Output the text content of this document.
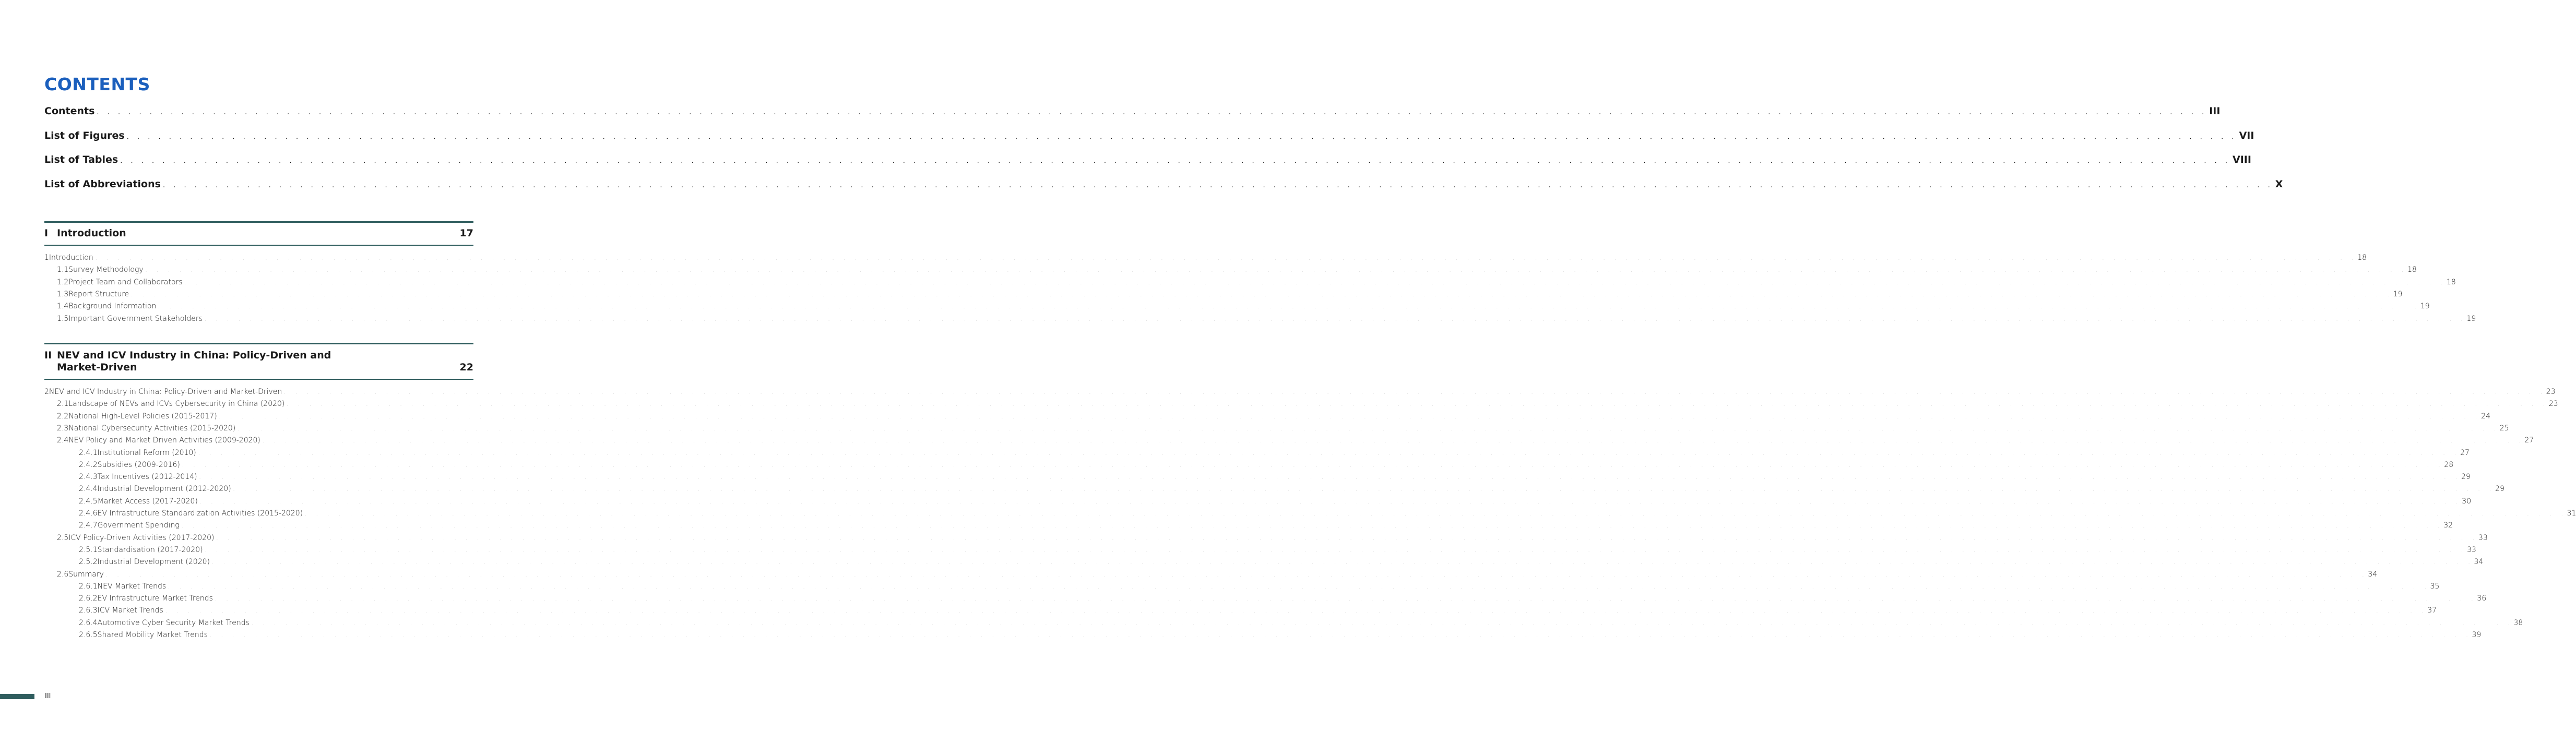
CONTENTS
Contents . . . . . . . . . . . . . . . . . . . . . . . . . . . . . . . . . . . . . . . . . . . . . . . . . . . . . . . . . . . . . . . . . . . . . . . . . . . . . . . . . . . . . . . . . . . . . . . . . . . . . . . . . . . . . . . . . . . . . . . . . . . . . . . . . . . . . . . . . . . . . . . . . . . . . . . . . . . . . . . . . . . . . . . . . . . . . . . . . . . . . . . . . . . . . . . . . . . . . . . . III
List of Figures . . . . . . . . . . . . . . . . . . . . . . . . . . . . . . . . . . . . . . . . . . . . . . . . . . . . . . . . . . . . . . . . . . . . . . . . . . . . . . . . . . . . . . . . . . . . . . . . . . . . . . . . . . . . . . . . . . . . . . . . . . . . . . . . . . . . . . . . . . . . . . . . . . . . . . . . . . . . . . . . . . . . . . . . . . . . . . . . . . . . . . . . . . . . . . . . . . . . . . . . VII
List of Tables . . . . . . . . . . . . . . . . . . . . . . . . . . . . . . . . . . . . . . . . . . . . . . . . . . . . . . . . . . . . . . . . . . . . . . . . . . . . . . . . . . . . . . . . . . . . . . . . . . . . . . . . . . . . . . . . . . . . . . . . . . . . . . . . . . . . . . . . . . . . . . . . . . . . . . . . . . . . . . . . . . . . . . . . . . . . . . . . . . . . . . . . . . . . . . . . . . . . . . . . VIII
List of Abbreviations . . . . . . . . . . . . . . . . . . . . . . . . . . . . . . . . . . . . . . . . . . . . . . . . . . . . . . . . . . . . . . . . . . . . . . . . . . . . . . . . . . . . . . . . . . . . . . . . . . . . . . . . . . . . . . . . . . . . . . . . . . . . . . . . . . . . . . . . . . . . . . . . . . . . . . . . . . . . . . . . . . . . . . . . . . . . . . . . . . . . . . . . . . . . . . . . . . . . . . . . X
I Introduction	17
1 Introduction . . . . . . . . . . . . . . . . . . . . . . . . . . . . . . . . . . . . . . . . . . . . . . . . . . . . . . . . . . . . . . . . . . . . . . . . . . . . . . . . . . . . . . . . . . . . . . . . . . . . . . . . . . . . . . . . . . . . . . . . . . . . . . . . . . . . . . . . . . . . . . . . . . . . . . . . . . . . . . . . . . . . . . . . . . . . . . . . . . . . . . . . . . . . . . . . . . . . . . . . 18
1.1 Survey Methodology . . . . . . . . . . . . . . . . . . . . . . . . . . . . . . . . . . . . . . . . . . . . . . . . . . . . . . . . . . . . . . . . . . . . . . . . . . . . . . . . . . . . . . . . . . . . . . . . . . . . . . . . . . . . . . . . . . . . . . . . . . . . . . . . . . . . . . . . . . . . . . . . . . . . . . . . . . . . . . . . . . . . . . . . . . . . . . . . . . . . . . . . . . . . . . . . . . . . . . . . 18
1.2 Project Team and Collaborators . . . . . . . . . . . . . . . . . . . . . . . . . . . . . . . . . . . . . . . . . . . . . . . . . . . . . . . . . . . . . . . . . . . . . . . . . . . . . . . . . . . . . . . . . . . . . . . . . . . . . . . . . . . . . . . . . . . . . . . . . . . . . . . . . . . . . . . . . . . . . . . . . . . . . . . . . . . . . . . . . . . . . . . . . . . . . . . . . . . . . . . . . . . . . . . . . . . . . . . . 18
1.3 Report Structure . . . . . . . . . . . . . . . . . . . . . . . . . . . . . . . . . . . . . . . . . . . . . . . . . . . . . . . . . . . . . . . . . . . . . . . . . . . . . . . . . . . . . . . . . . . . . . . . . . . . . . . . . . . . . . . . . . . . . . . . . . . . . . . . . . . . . . . . . . . . . . . . . . . . . . . . . . . . . . . . . . . . . . . . . . . . . . . . . . . . . . . . . . . . . . . . . . . . . . . . 19
1.4 Background Information . . . . . . . . . . . . . . . . . . . . . . . . . . . . . . . . . . . . . . . . . . . . . . . . . . . . . . . . . . . . . . . . . . . . . . . . . . . . . . . . . . . . . . . . . . . . . . . . . . . . . . . . . . . . . . . . . . . . . . . . . . . . . . . . . . . . . . . . . . . . . . . . . . . . . . . . . . . . . . . . . . . . . . . . . . . . . . . . . . . . . . . . . . . . . . . . . . . . . . . . 19
1.5 Important Government Stakeholders . . . . . . . . . . . . . . . . . . . . . . . . . . . . . . . . . . . . . . . . . . . . . . . . . . . . . . . . . . . . . . . . . . . . . . . . . . . . . . . . . . . . . . . . . . . . . . . . . . . . . . . . . . . . . . . . . . . . . . . . . . . . . . . . . . . . . . . . . . . . . . . . . . . . . . . . . . . . . . . . . . . . . . . . . . . . . . . . . . . . . . . . . . . . . . . . . . . . . . . . 19
II NEV and ICV Industry in China: Policy-Driven and
Market-Driven	22
2 NEV and ICV Industry in China: Policy-Driven and Market-Driven . . . . . . . . . . . . . . . . . . . . . . . . . . . . . . . . . . . . . . . . . . . . . . . . . . . . . . . . . . . . . . . . . . . . . . . . . . . . . . . . . . . . . . . . . . . . . . . . . . . . . . . . . . . . . . . . . . . . . . . . . . . . . . . . . . . . . . . . . . . . . . . . . . . . . . . . . . . . . . . . . . . . . . . . . . . . . . . . . . . . . . . . . . . . . . . . . . . . . . . . 23
2.1 Landscape of NEVs and ICVs Cybersecurity in China (2020) . . . . . . . . . . . . . . . . . . . . . . . . . . . . . . . . . . . . . . . . . . . . . . . . . . . . . . . . . . . . . . . . . . . . . . . . . . . . . . . . . . . . . . . . . . . . . . . . . . . . . . . . . . . . . . . . . . . . . . . . . . . . . . . . . . . . . . . . . . . . . . . . . . . . . . . . . . . . . . . . . . . . . . . . . . . . . . . . . . . . . . . . . . . . . . . . . . . . . . . . 23
2.2 National High-Level Policies (2015-2017) . . . . . . . . . . . . . . . . . . . . . . . . . . . . . . . . . . . . . . . . . . . . . . . . . . . . . . . . . . . . . . . . . . . . . . . . . . . . . . . . . . . . . . . . . . . . . . . . . . . . . . . . . . . . . . . . . . . . . . . . . . . . . . . . . . . . . . . . . . . . . . . . . . . . . . . . . . . . . . . . . . . . . . . . . . . . . . . . . . . . . . . . . . . . . . . . . . . . . . . . 24
2.3 National Cybersecurity Activities (2015-2020) . . . . . . . . . . . . . . . . . . . . . . . . . . . . . . . . . . . . . . . . . . . . . . . . . . . . . . . . . . . . . . . . . . . . . . . . . . . . . . . . . . . . . . . . . . . . . . . . . . . . . . . . . . . . . . . . . . . . . . . . . . . . . . . . . . . . . . . . . . . . . . . . . . . . . . . . . . . . . . . . . . . . . . . . . . . . . . . . . . . . . . . . . . . . . . . . . . . . . . . . 25
2.4 NEV Policy and Market Driven Activities (2009-2020) . . . . . . . . . . . . . . . . . . . . . . . . . . . . . . . . . . . . . . . . . . . . . . . . . . . . . . . . . . . . . . . . . . . . . . . . . . . . . . . . . . . . . . . . . . . . . . . . . . . . . . . . . . . . . . . . . . . . . . . . . . . . . . . . . . . . . . . . . . . . . . . . . . . . . . . . . . . . . . . . . . . . . . . . . . . . . . . . . . . . . . . . . . . . . . . . . . . . . . . . 27
2.4.1 Institutional Reform (2010) . . . . . . . . . . . . . . . . . . . . . . . . . . . . . . . . . . . . . . . . . . . . . . . . . . . . . . . . . . . . . . . . . . . . . . . . . . . . . . . . . . . . . . . . . . . . . . . . . . . . . . . . . . . . . . . . . . . . . . . . . . . . . . . . . . . . . . . . . . . . . . . . . . . . . . . . . . . . . . . . . . . . . . . . . . . . . . . . . . . . . . . . . . . . . . . . . . . . . . . . 27
2.4.2 Subsidies (2009-2016) . . . . . . . . . . . . . . . . . . . . . . . . . . . . . . . . . . . . . . . . . . . . . . . . . . . . . . . . . . . . . . . . . . . . . . . . . . . . . . . . . . . . . . . . . . . . . . . . . . . . . . . . . . . . . . . . . . . . . . . . . . . . . . . . . . . . . . . . . . . . . . . . . . . . . . . . . . . . . . . . . . . . . . . . . . . . . . . . . . . . . . . . . . . . . . . . . . . . . . . . 28
2.4.3 Tax Incentives (2012-2014) . . . . . . . . . . . . . . . . . . . . . . . . . . . . . . . . . . . . . . . . . . . . . . . . . . . . . . . . . . . . . . . . . . . . . . . . . . . . . . . . . . . . . . . . . . . . . . . . . . . . . . . . . . . . . . . . . . . . . . . . . . . . . . . . . . . . . . . . . . . . . . . . . . . . . . . . . . . . . . . . . . . . . . . . . . . . . . . . . . . . . . . . . . . . . . . . . . . . . . . . 29
2.4.4 Industrial Development (2012-2020) . . . . . . . . . . . . . . . . . . . . . . . . . . . . . . . . . . . . . . . . . . . . . . . . . . . . . . . . . . . . . . . . . . . . . . . . . . . . . . . . . . . . . . . . . . . . . . . . . . . . . . . . . . . . . . . . . . . . . . . . . . . . . . . . . . . . . . . . . . . . . . . . . . . . . . . . . . . . . . . . . . . . . . . . . . . . . . . . . . . . . . . . . . . . . . . . . . . . . . . . 29
2.4.5 Market Access (2017-2020) . . . . . . . . . . . . . . . . . . . . . . . . . . . . . . . . . . . . . . . . . . . . . . . . . . . . . . . . . . . . . . . . . . . . . . . . . . . . . . . . . . . . . . . . . . . . . . . . . . . . . . . . . . . . . . . . . . . . . . . . . . . . . . . . . . . . . . . . . . . . . . . . . . . . . . . . . . . . . . . . . . . . . . . . . . . . . . . . . . . . . . . . . . . . . . . . . . . . . . . . 30
2.4.6 EV Infrastructure Standardization Activities (2015-2020) . . . . . . . . . . . . . . . . . . . . . . . . . . . . . . . . . . . . . . . . . . . . . . . . . . . . . . . . . . . . . . . . . . . . . . . . . . . . . . . . . . . . . . . . . . . . . . . . . . . . . . . . . . . . . . . . . . . . . . . . . . . . . . . . . . . . . . . . . . . . . . . . . . . . . . . . . . . . . . . . . . . . . . . . . . . . . . . . . . . . . . . . . . . . . . . . . . . . . . . . 31
2.4.7 Government Spending . . . . . . . . . . . . . . . . . . . . . . . . . . . . . . . . . . . . . . . . . . . . . . . . . . . . . . . . . . . . . . . . . . . . . . . . . . . . . . . . . . . . . . . . . . . . . . . . . . . . . . . . . . . . . . . . . . . . . . . . . . . . . . . . . . . . . . . . . . . . . . . . . . . . . . . . . . . . . . . . . . . . . . . . . . . . . . . . . . . . . . . . . . . . . . . . . . . . . . . . 32
2.5 ICV Policy-Driven Activities (2017-2020) . . . . . . . . . . . . . . . . . . . . . . . . . . . . . . . . . . . . . . . . . . . . . . . . . . . . . . . . . . . . . . . . . . . . . . . . . . . . . . . . . . . . . . . . . . . . . . . . . . . . . . . . . . . . . . . . . . . . . . . . . . . . . . . . . . . . . . . . . . . . . . . . . . . . . . . . . . . . . . . . . . . . . . . . . . . . . . . . . . . . . . . . . . . . . . . . . . . . . . . . 33
2.5.1 Standardisation (2017-2020) . . . . . . . . . . . . . . . . . . . . . . . . . . . . . . . . . . . . . . . . . . . . . . . . . . . . . . . . . . . . . . . . . . . . . . . . . . . . . . . . . . . . . . . . . . . . . . . . . . . . . . . . . . . . . . . . . . . . . . . . . . . . . . . . . . . . . . . . . . . . . . . . . . . . . . . . . . . . . . . . . . . . . . . . . . . . . . . . . . . . . . . . . . . . . . . . . . . . . . . . 33
2.5.2 Industrial Development (2020) . . . . . . . . . . . . . . . . . . . . . . . . . . . . . . . . . . . . . . . . . . . . . . . . . . . . . . . . . . . . . . . . . . . . . . . . . . . . . . . . . . . . . . . . . . . . . . . . . . . . . . . . . . . . . . . . . . . . . . . . . . . . . . . . . . . . . . . . . . . . . . . . . . . . . . . . . . . . . . . . . . . . . . . . . . . . . . . . . . . . . . . . . . . . . . . . . . . . . . . . 34
2.6 Summary . . . . . . . . . . . . . . . . . . . . . . . . . . . . . . . . . . . . . . . . . . . . . . . . . . . . . . . . . . . . . . . . . . . . . . . . . . . . . . . . . . . . . . . . . . . . . . . . . . . . . . . . . . . . . . . . . . . . . . . . . . . . . . . . . . . . . . . . . . . . . . . . . . . . . . . . . . . . . . . . . . . . . . . . . . . . . . . . . . . . . . . . . . . . . . . . . . . . . . . . 34
2.6.1 NEV Market Trends . . . . . . . . . . . . . . . . . . . . . . . . . . . . . . . . . . . . . . . . . . . . . . . . . . . . . . . . . . . . . . . . . . . . . . . . . . . . . . . . . . . . . . . . . . . . . . . . . . . . . . . . . . . . . . . . . . . . . . . . . . . . . . . . . . . . . . . . . . . . . . . . . . . . . . . . . . . . . . . . . . . . . . . . . . . . . . . . . . . . . . . . . . . . . . . . . . . . . . . . 35
2.6.2 EV Infrastructure Market Trends . . . . . . . . . . . . . . . . . . . . . . . . . . . . . . . . . . . . . . . . . . . . . . . . . . . . . . . . . . . . . . . . . . . . . . . . . . . . . . . . . . . . . . . . . . . . . . . . . . . . . . . . . . . . . . . . . . . . . . . . . . . . . . . . . . . . . . . . . . . . . . . . . . . . . . . . . . . . . . . . . . . . . . . . . . . . . . . . . . . . . . . . . . . . . . . . . . . . . . . . 36
2.6.3 ICV Market Trends . . . . . . . . . . . . . . . . . . . . . . . . . . . . . . . . . . . . . . . . . . . . . . . . . . . . . . . . . . . . . . . . . . . . . . . . . . . . . . . . . . . . . . . . . . . . . . . . . . . . . . . . . . . . . . . . . . . . . . . . . . . . . . . . . . . . . . . . . . . . . . . . . . . . . . . . . . . . . . . . . . . . . . . . . . . . . . . . . . . . . . . . . . . . . . . . . . . . . . . . 37
2.6.4 Automotive Cyber Security Market Trends . . . . . . . . . . . . . . . . . . . . . . . . . . . . . . . . . . . . . . . . . . . . . . . . . . . . . . . . . . . . . . . . . . . . . . . . . . . . . . . . . . . . . . . . . . . . . . . . . . . . . . . . . . . . . . . . . . . . . . . . . . . . . . . . . . . . . . . . . . . . . . . . . . . . . . . . . . . . . . . . . . . . . . . . . . . . . . . . . . . . . . . . . . . . . . . . . . . . . . . . 38
2.6.5 Shared Mobility Market Trends . . . . . . . . . . . . . . . . . . . . . . . . . . . . . . . . . . . . . . . . . . . . . . . . . . . . . . . . . . . . . . . . . . . . . . . . . . . . . . . . . . . . . . . . . . . . . . . . . . . . . . . . . . . . . . . . . . . . . . . . . . . . . . . . . . . . . . . . . . . . . . . . . . . . . . . . . . . . . . . . . . . . . . . . . . . . . . . . . . . . . . . . . . . . . . . . . . . . . . . . 39
III
